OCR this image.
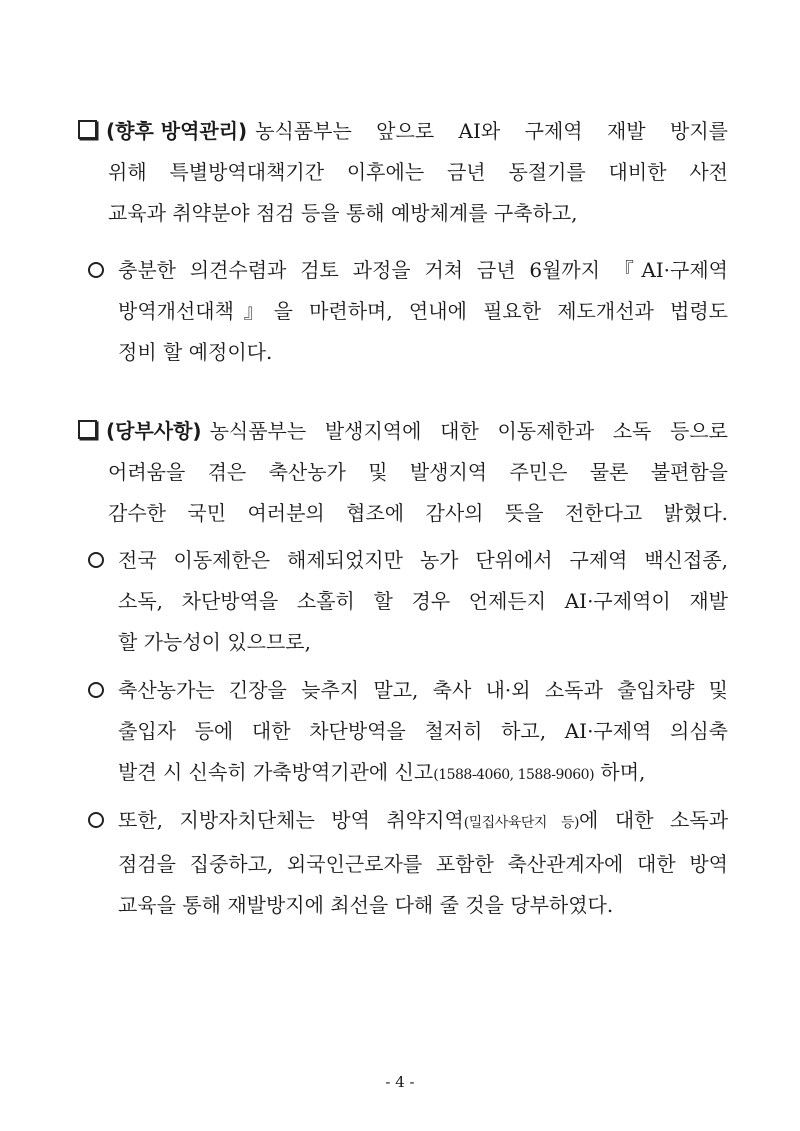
(향후 방역관리) 농식품부는 앞으로 AI와 구제역 재발 방지를
위해 특별방역대책기간 이후에는 금년 동절기를 대비한 사전
교육과 취약분야 점검 등을 통해 예방체계를 구축하고,
충분한 의견수렴과 검토 과정을 거쳐 금년 6월까지 『AI·구제역
방역개선대책』을 마련하며, 연내에 필요한 제도개선과 법령도
정비 할 예정이다.
(당부사항) 농식품부는 발생지역에 대한 이동제한과 소독 등으로
어려움을 겪은 축산농가 및 발생지역 주민은 물론 불편함을
감수한 국민 여러분의 협조에 감사의 뜻을 전한다고 밝혔다.
전국 이동제한은 해제되었지만 농가 단위에서 구제역 백신접종,
소독, 차단방역을 소홀히 할 경우 언제든지 AI·구제역이 재발
할 가능성이 있으므로,
축산농가는 긴장을 늦추지 말고, 축사 내·외 소독과 출입차량 및
출입자 등에 대한 차단방역을 철저히 하고, AI·구제역 의심축
발견 시 신속히 가축방역기관에 신고(1588-4060, 1588-9060) 하며,
또한, 지방자치단체는 방역 취약지역(밀집사육단지 등)에 대한 소독과
점검을 집중하고, 외국인근로자를 포함한 축산관계자에 대한 방역
교육을 통해 재발방지에 최선을 다해 줄 것을 당부하였다.
- 4 -
